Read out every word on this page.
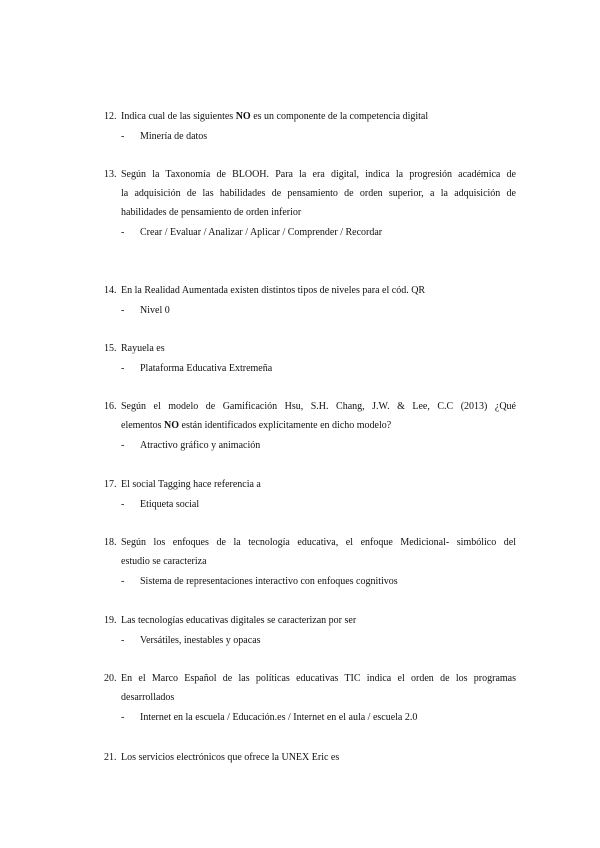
12. Indica cual de las siguientes NO es un componente de la competencia digital
- Minería de datos
13. Según la Taxonomía de BLOOH. Para la era digital, indica la progresión académica de
la adquisición de las habilidades de pensamiento de orden superior, a la adquisición de
habilidades de pensamiento de orden inferior
- Crear / Evaluar / Analizar / Aplicar / Comprender / Recordar
14. En la Realidad Aumentada existen distintos tipos de niveles para el cód. QR
- Nivel 0
15. Rayuela es
- Plataforma Educativa Extremeña
16. Según el modelo de Gamificación Hsu, S.H. Chang, J.W. & Lee, C.C (2013) ¿Qué
elementos NO están identificados explícitamente en dicho modelo?
- Atractivo gráfico y animación
17. El social Tagging hace referencia a
- Etiqueta social
18. Según los enfoques de la tecnología educativa, el enfoque Medicional- simbólico del
estudio se caracteriza
- Sistema de representaciones interactivo con enfoques cognitivos
19. Las tecnologías educativas digitales se caracterizan por ser
- Versátiles, inestables y opacas
20. En el Marco Español de las políticas educativas TIC indica el orden de los programas
desarrollados
- Internet en la escuela / Educación.es / Internet en el aula / escuela 2.0
21. Los servicios electrónicos que ofrece la UNEX Eric es
